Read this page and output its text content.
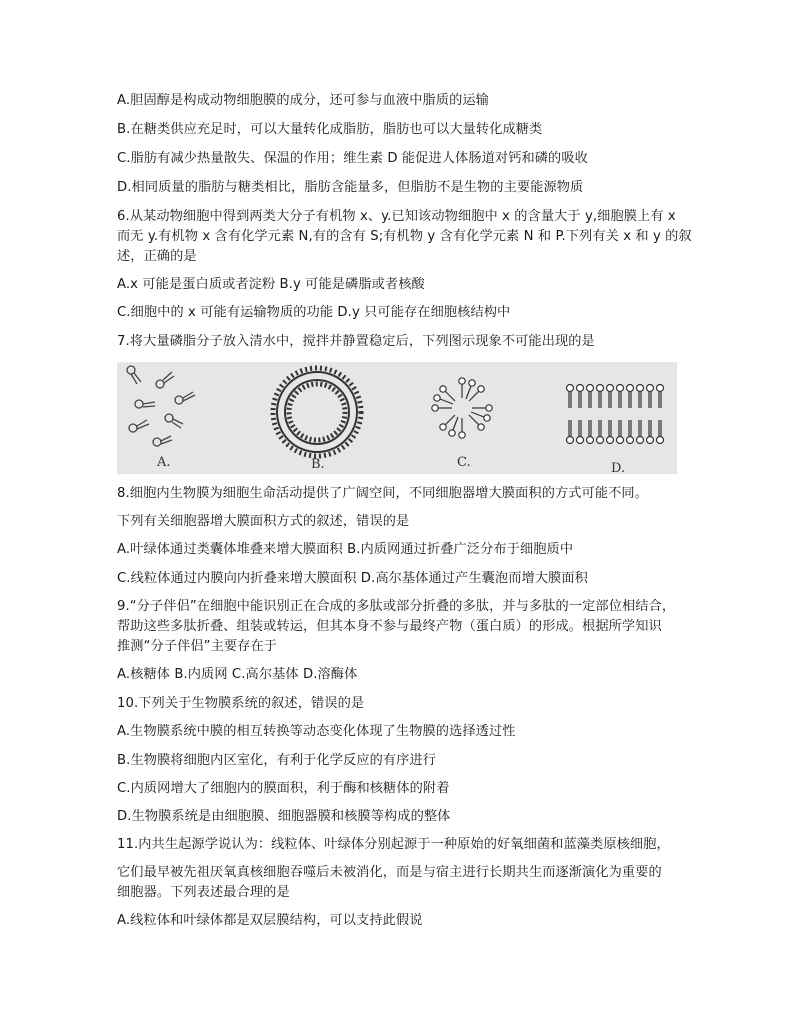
A.胆固醇是构成动物细胞膜的成分，还可参与血液中脂质的运输

B.在糖类供应充足时，可以大量转化成脂肪，脂肪也可以大量转化成糖类

C.脂肪有减少热量散失、保温的作用；维生素 D 能促进人体肠道对钙和磷的吸收

D.相同质量的脂肪与糖类相比，脂肪含能量多，但脂肪不是生物的主要能源物质

6.从某动物细胞中得到两类大分子有机物 x、y.已知该动物细胞中 x 的含量大于 y,细胞膜上有 x

而无 y.有机物 x 含有化学元素 N,有的含有 S;有机物 y 含有化学元素 N 和 P.下列有关 x 和 y 的叙

述，正确的是

A.x 可能是蛋白质或者淀粉 B.y 可能是磷脂或者核酸

C.细胞中的 x 可能有运输物质的功能 D.y 只可能存在细胞核结构中

7.将大量磷脂分子放入清水中，搅拌并静置稳定后，下列图示现象不可能出现的是

A.	B.	C.	D.

8.细胞内生物膜为细胞生命活动提供了广阔空间，不同细胞器增大膜面积的方式可能不同。

下列有关细胞器增大膜面积方式的叙述，错误的是

A.叶绿体通过类囊体堆叠来增大膜面积 B.内质网通过折叠广泛分布于细胞质中

C.线粒体通过内膜向内折叠来增大膜面积 D.高尔基体通过产生囊泡而增大膜面积

9.“分子伴侣”在细胞中能识别正在合成的多肽或部分折叠的多肽，并与多肽的一定部位相结合，

帮助这些多肽折叠、组装或转运，但其本身不参与最终产物（蛋白质）的形成。根据所学知识

推测“分子伴侣”主要存在于

A.核糖体 B.内质网 C.高尔基体 D.溶酶体

10.下列关于生物膜系统的叙述，错误的是

A.生物膜系统中膜的相互转换等动态变化体现了生物膜的选择透过性

B.生物膜将细胞内区室化，有利于化学反应的有序进行

C.内质网增大了细胞内的膜面积，利于酶和核糖体的附着

D.生物膜系统是由细胞膜、细胞器膜和核膜等构成的整体

11.内共生起源学说认为：线粒体、叶绿体分别起源于一种原始的好氧细菌和蓝藻类原核细胞，

它们最早被先祖厌氧真核细胞吞噬后未被消化，而是与宿主进行长期共生而逐渐演化为重要的

细胞器。下列表述最合理的是

A.线粒体和叶绿体都是双层膜结构，可以支持此假说
